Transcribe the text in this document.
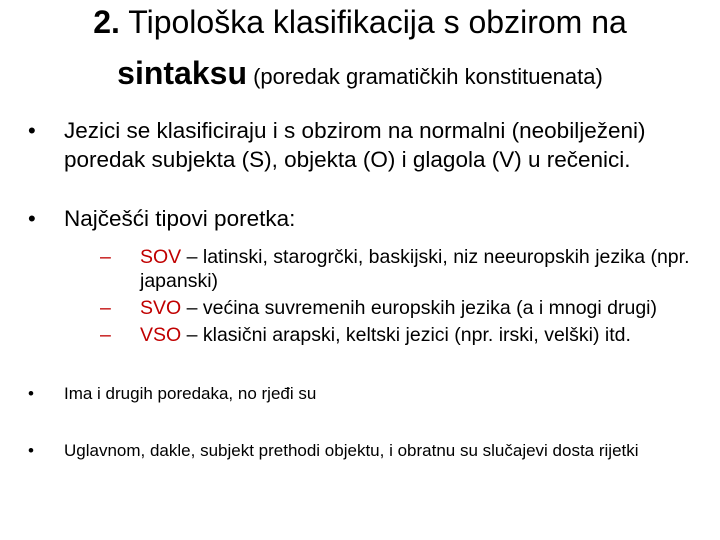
2. Tipološka klasifikacija s obzirom na
sintaksu (poredak gramatičkih konstituenata)
• Jezici se klasificiraju i s obzirom na normalni (neobilježeni) poredak subjekta (S), objekta (O) i glagola (V) u rečenici.
• Najčešći tipovi poretka:
– SOV – latinski, starogrčki, baskijski, niz neeuropskih jezika (npr. japanski)
– SVO – većina suvremenih europskih jezika (a i mnogi drugi)
– VSO – klasični arapski, keltski jezici (npr. irski, velški) itd.
• Ima i drugih poredaka, no rjeđi su
• Uglavnom, dakle, subjekt prethodi objektu, i obratnu su slučajevi dosta rijetki
